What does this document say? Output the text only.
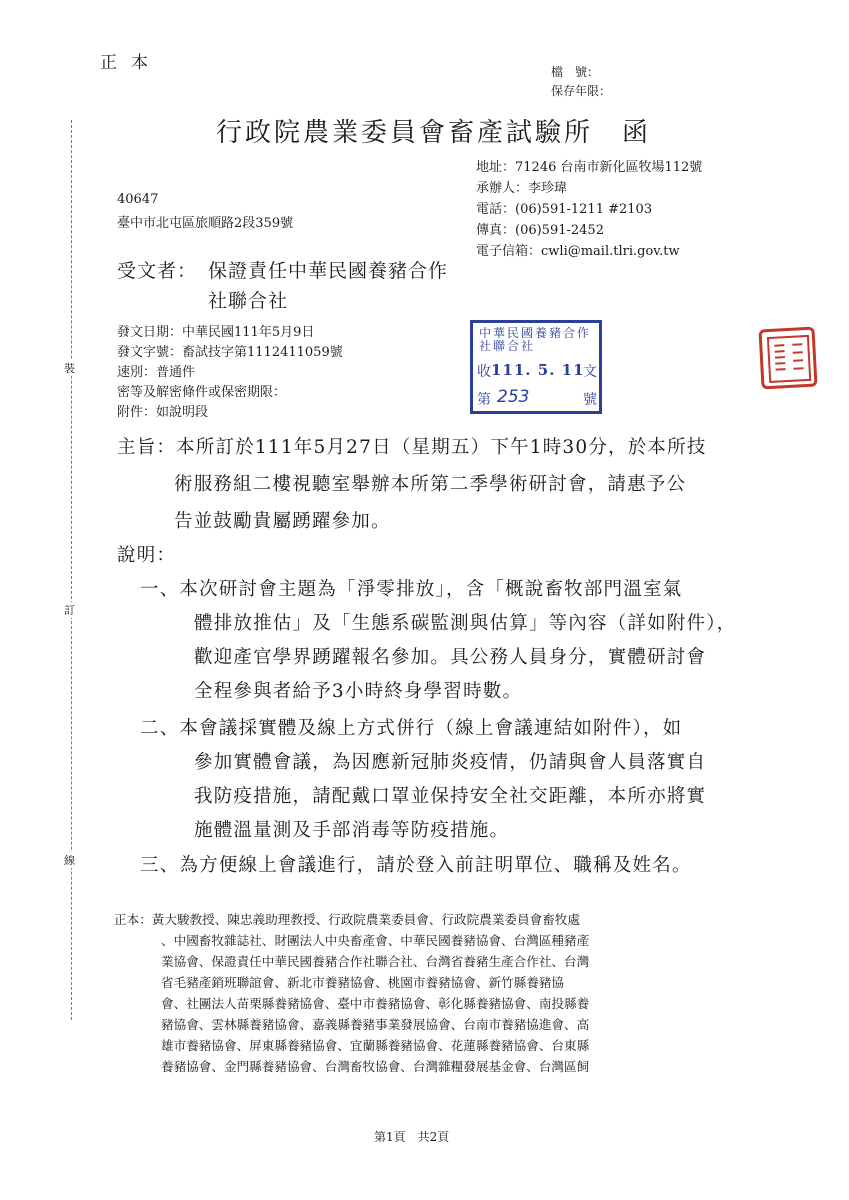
正本	檔　號：
保存年限：
行政院農業委員會畜產試驗所　函
地址：71246 台南市新化區牧場112號
承辦人：李珍瑋
電話：(06)591-1211 #2103
傳真：(06)591-2452
電子信箱：cwli@mail.tlri.gov.tw
40647
臺中市北屯區旅順路2段359號
受文者： 保證責任中華民國養豬合作
社聯合社
發文日期：中華民國111年5月9日
發文字號：畜試技字第1112411059號
速別：普通件
密等及解密條件或保密期限：
附件：如說明段
中華民國養豬合作社聯合社
收 111. 5. 11
文
第 253	號
裝
訂
線
主旨：本所訂於111年5月27日（星期五）下午1時30分，於本所技
術服務組二樓視聽室舉辦本所第二季學術研討會，請惠予公
告並鼓勵貴屬踴躍參加。
說明：
一、本次研討會主題為「淨零排放」，含「概說畜牧部門溫室氣
體排放推估」及「生態系碳監測與估算」等內容（詳如附件），
歡迎產官學界踴躍報名參加。具公務人員身分，實體研討會
全程參與者給予3小時終身學習時數。
二、本會議採實體及線上方式併行（線上會議連結如附件），如
參加實體會議，為因應新冠肺炎疫情，仍請與會人員落實自
我防疫措施，請配戴口罩並保持安全社交距離，本所亦將實
施體溫量測及手部消毒等防疫措施。
三、為方便線上會議進行，請於登入前註明單位、職稱及姓名。
正本：黃大駿教授、陳忠義助理教授、行政院農業委員會、行政院農業委員會畜牧處
、中國畜牧雜誌社、財團法人中央畜產會、中華民國養豬協會、台灣區種豬產
業協會、保證責任中華民國養豬合作社聯合社、台灣省養豬生產合作社、台灣
省毛豬產銷班聯誼會、新北市養豬協會、桃園市養豬協會、新竹縣養豬協
會、社團法人苗栗縣養豬協會、臺中市養豬協會、彰化縣養豬協會、南投縣養
豬協會、雲林縣養豬協會、嘉義縣養豬事業發展協會、台南市養豬協進會、高
雄市養豬協會、屏東縣養豬協會、宜蘭縣養豬協會、花蓮縣養豬協會、台東縣
養豬協會、金門縣養豬協會、台灣畜牧協會、台灣雜糧發展基金會、台灣區飼
第1頁　共2頁
